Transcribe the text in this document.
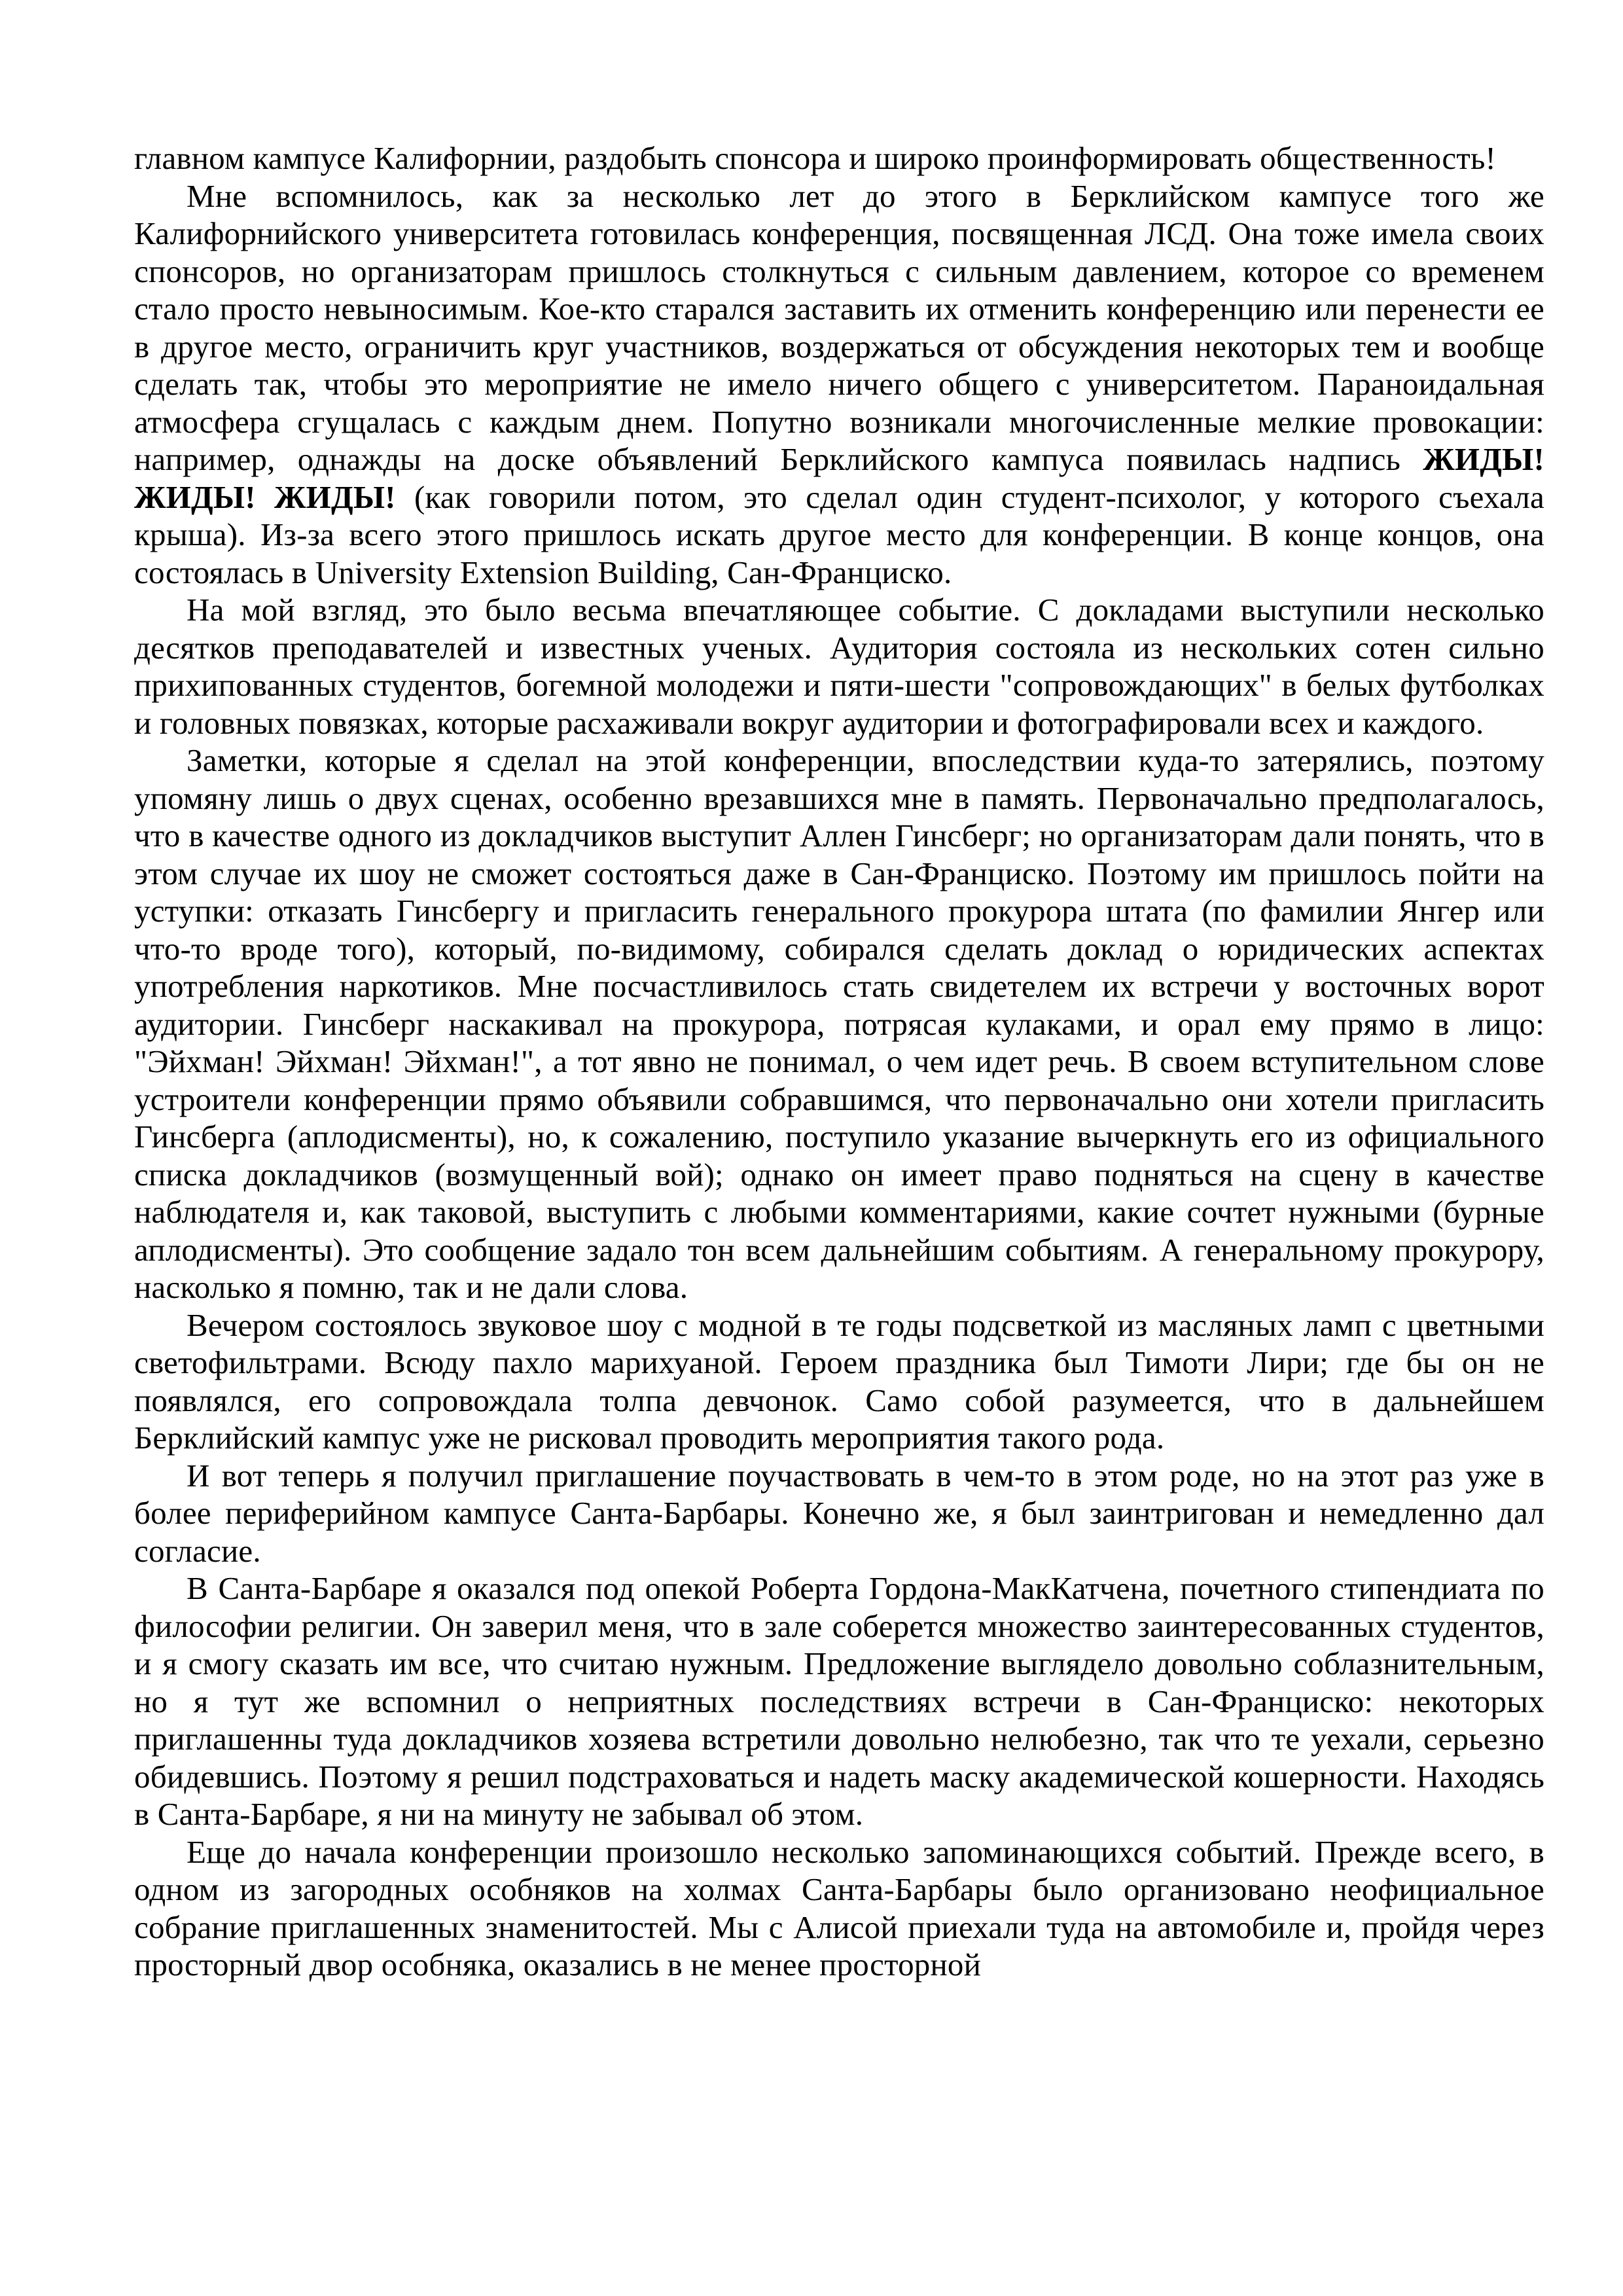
главном кампусе Калифорнии, раздобыть спонсора и широко проинформировать общественность!

Мне вспомнилось, как за несколько лет до этого в Берклийском кампусе того же Калифорнийского университета готовилась конференция, посвященная ЛСД. Она тоже имела своих спонсоров, но организаторам пришлось столкнуться с сильным давлением, которое со временем стало просто невыносимым. Кое-кто старался заставить их отменить конференцию или перенести ее в другое место, ограничить круг участников, воздержаться от обсуждения некоторых тем и вообще сделать так, чтобы это мероприятие не имело ничего общего с университетом. Параноидальная атмосфера сгущалась с каждым днем. Попутно возникали многочисленные мелкие провокации: например, однажды на доске объявлений Берклийского кампуса появилась надпись ЖИДЫ! ЖИДЫ! ЖИДЫ! (как говорили потом, это сделал один студент-психолог, у которого съехала крыша). Из-за всего этого пришлось искать другое место для конференции. В конце концов, она состоялась в University Extension Building, Сан-Франциско.

На мой взгляд, это было весьма впечатляющее событие. С докладами выступили несколько десятков преподавателей и известных ученых. Аудитория состояла из нескольких сотен сильно прихипованных студентов, богемной молодежи и пяти-шести "сопровождающих" в белых футболках и головных повязках, которые расхаживали вокруг аудитории и фотографировали всех и каждого.

Заметки, которые я сделал на этой конференции, впоследствии куда-то затерялись, поэтому упомяну лишь о двух сценах, особенно врезавшихся мне в память. Первоначально предполагалось, что в качестве одного из докладчиков выступит Аллен Гинсберг; но организаторам дали понять, что в этом случае их шоу не сможет состояться даже в Сан-Франциско. Поэтому им пришлось пойти на уступки: отказать Гинсбергу и пригласить генерального прокурора штата (по фамилии Янгер или что-то вроде того), который, по-видимому, собирался сделать доклад о юридических аспектах употребления наркотиков. Мне посчастливилось стать свидетелем их встречи у восточных ворот аудитории. Гинсберг наскакивал на прокурора, потрясая кулаками, и орал ему прямо в лицо: "Эйхман! Эйхман! Эйхман!", а тот явно не понимал, о чем идет речь. В своем вступительном слове устроители конференции прямо объявили собравшимся, что первоначально они хотели пригласить Гинсберга (аплодисменты), но, к сожалению, поступило указание вычеркнуть его из официального списка докладчиков (возмущенный вой); однако он имеет право подняться на сцену в качестве наблюдателя и, как таковой, выступить с любыми комментариями, какие сочтет нужными (бурные аплодисменты). Это сообщение задало тон всем дальнейшим событиям. А генеральному прокурору, насколько я помню, так и не дали слова.

Вечером состоялось звуковое шоу с модной в те годы подсветкой из масляных ламп с цветными светофильтрами. Всюду пахло марихуаной. Героем праздника был Тимоти Лири; где бы он не появлялся, его сопровождала толпа девчонок. Само собой разумеется, что в дальнейшем Берклийский кампус уже не рисковал проводить мероприятия такого рода.

И вот теперь я получил приглашение поучаствовать в чем-то в этом роде, но на этот раз уже в более периферийном кампусе Санта-Барбары. Конечно же, я был заинтригован и немедленно дал согласие.

В Санта-Барбаре я оказался под опекой Роберта Гордона-МакКатчена, почетного стипендиата по философии религии. Он заверил меня, что в зале соберется множество заинтересованных студентов, и я смогу сказать им все, что считаю нужным. Предложение выглядело довольно соблазнительным, но я тут же вспомнил о неприятных последствиях встречи в Сан-Франциско: некоторых приглашенны туда докладчиков хозяева встретили довольно нелюбезно, так что те уехали, серьезно обидевшись. Поэтому я решил подстраховаться и надеть маску академической кошерности. Находясь в Санта-Барбаре, я ни на минуту не забывал об этом.

Еще до начала конференции произошло несколько запоминающихся событий. Прежде всего, в одном из загородных особняков на холмах Санта-Барбары было организовано неофициальное собрание приглашенных знаменитостей. Мы с Алисой приехали туда на автомобиле и, пройдя через просторный двор особняка, оказались в не менее просторной
